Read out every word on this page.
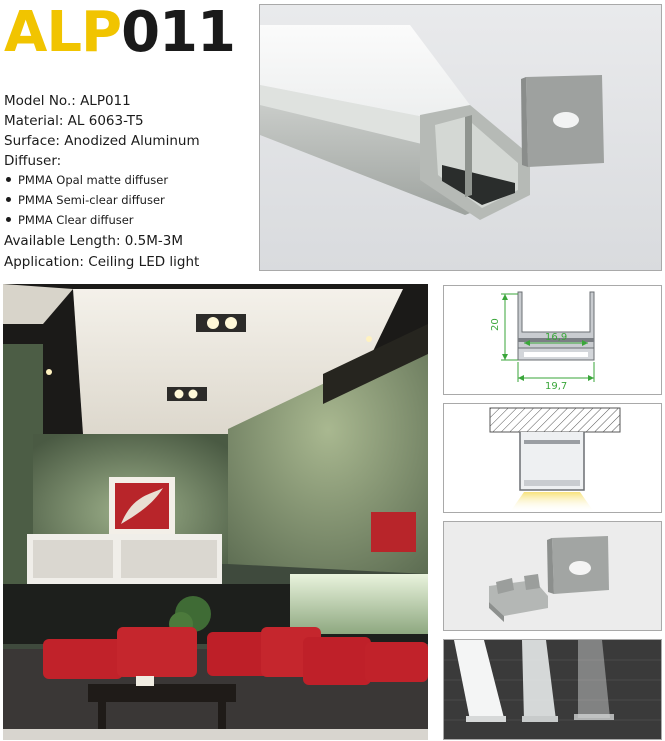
ALP011
Model No.: ALP011
Material: AL 6063-T5
Surface: Anodized Aluminum
Diffuser:
PMMA Opal matte diffuser
PMMA Semi-clear diffuser
PMMA Clear diffuser
Available Length: 0.5M-3M
Application: Ceiling LED light
20
16,9
19,7
